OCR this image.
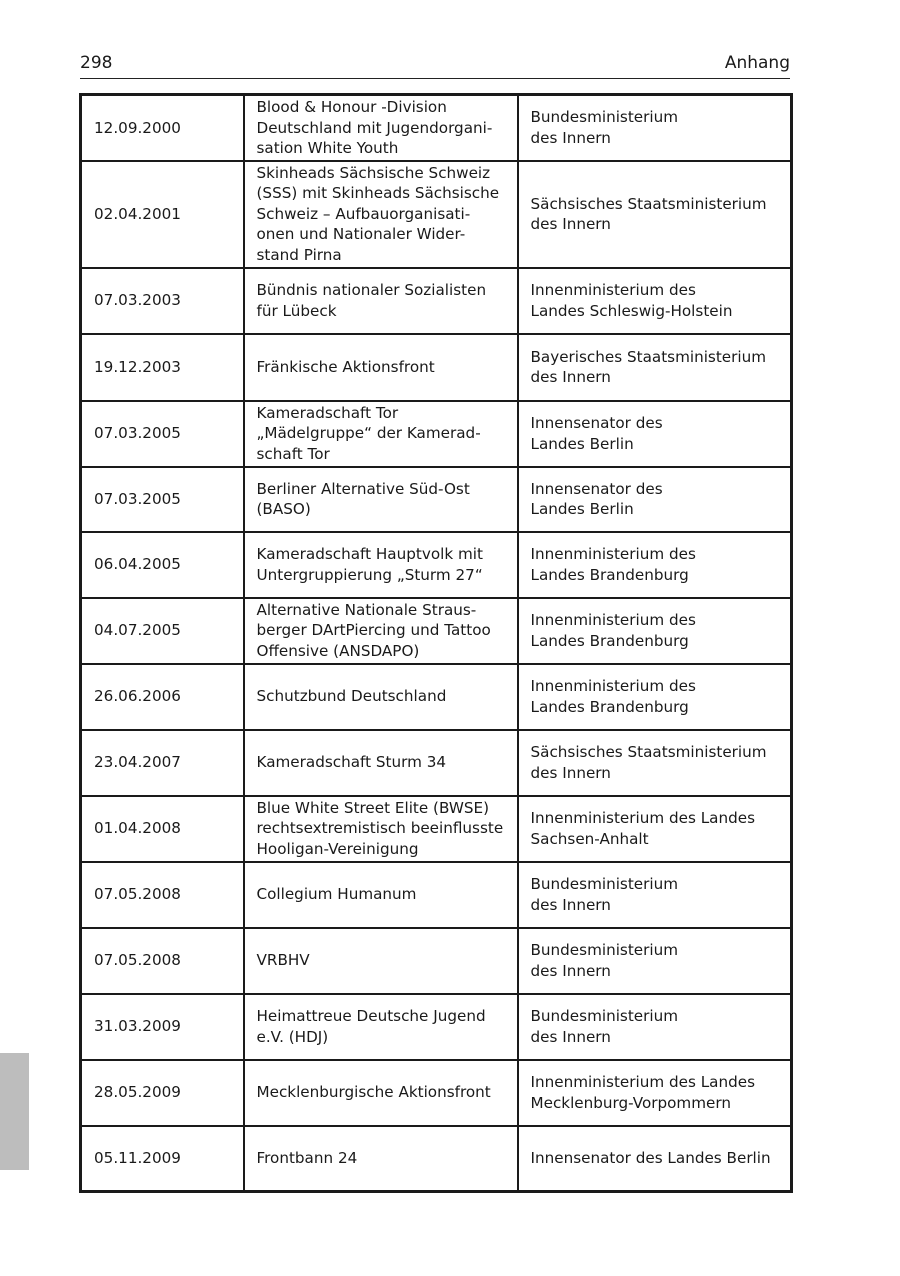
298	Anhang
12.09.2000	Blood & Honour -Division
Deutschland mit Jugendorgani-
sation White Youth	Bundesministerium
des Innern

02.04.2001	Skinheads Sächsische Schweiz
(SSS) mit Skinheads Sächsische
Schweiz – Aufbauorganisati-
onen und Nationaler Wider-
stand Pirna	Sächsisches Staatsministerium
des Innern

07.03.2003	Bündnis nationaler Sozialisten
für Lübeck	Innenministerium des
Landes Schleswig-Holstein

19.12.2003	Fränkische Aktionsfront	Bayerisches Staatsministerium
des Innern

07.03.2005	Kameradschaft Tor
„Mädelgruppe“ der Kamerad-
schaft Tor	Innensenator des
Landes Berlin

07.03.2005	Berliner Alternative Süd-Ost
(BASO)	Innensenator des
Landes Berlin

06.04.2005	Kameradschaft Hauptvolk mit
Untergruppierung „Sturm 27“	Innenministerium des
Landes Brandenburg

04.07.2005	Alternative Nationale Straus-
berger DArtPiercing und Tattoo
Offensive (ANSDAPO)	Innenministerium des
Landes Brandenburg

26.06.2006	Schutzbund Deutschland	Innenministerium des
Landes Brandenburg

23.04.2007	Kameradschaft Sturm 34	Sächsisches Staatsministerium
des Innern

01.04.2008	Blue White Street Elite (BWSE)
rechtsextremistisch beeinflusste
Hooligan-Vereinigung	Innenministerium des Landes
Sachsen-Anhalt

07.05.2008	Collegium Humanum	Bundesministerium
des Innern

07.05.2008	VRBHV	Bundesministerium
des Innern

31.03.2009	Heimattreue Deutsche Jugend
e.V. (HDJ)	Bundesministerium
des Innern

28.05.2009	Mecklenburgische Aktionsfront	Innenministerium des Landes
Mecklenburg-Vorpommern

05.11.2009	Frontbann 24	Innensenator des Landes Berlin
